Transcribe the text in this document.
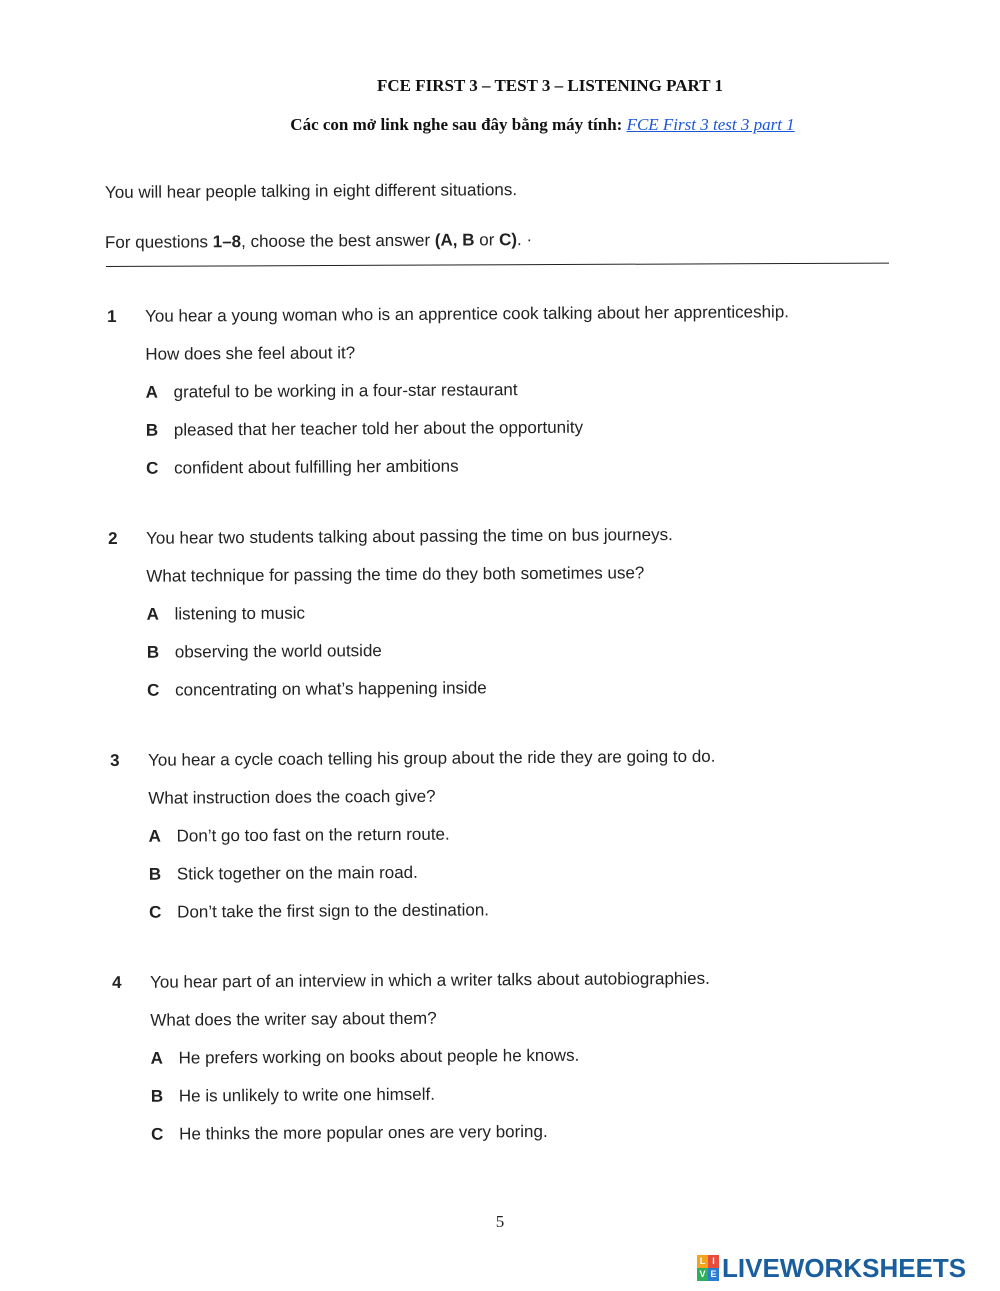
FCE FIRST 3 – TEST 3 – LISTENING PART 1
Các con mở link nghe sau đây bằng máy tính: FCE First 3 test 3 part 1
You will hear people talking in eight different situations.
For questions 1–8, choose the best answer (A, B or C). ·
1 You hear a young woman who is an apprentice cook talking about her apprenticeship.
How does she feel about it?
A grateful to be working in a four-star restaurant
B pleased that her teacher told her about the opportunity
C confident about fulfilling her ambitions
2 You hear two students talking about passing the time on bus journeys.
What technique for passing the time do they both sometimes use?
A listening to music
B observing the world outside
C concentrating on what’s happening inside
3 You hear a cycle coach telling his group about the ride they are going to do.
What instruction does the coach give?
A Don’t go too fast on the return route.
B Stick together on the main road.
C Don’t take the first sign to the destination.
4 You hear part of an interview in which a writer talks about autobiographies.
What does the writer say about them?
A He prefers working on books about people he knows.
B He is unlikely to write one himself.
C He thinks the more popular ones are very boring.
5
L I
V E LIVEWORKSHEETS
